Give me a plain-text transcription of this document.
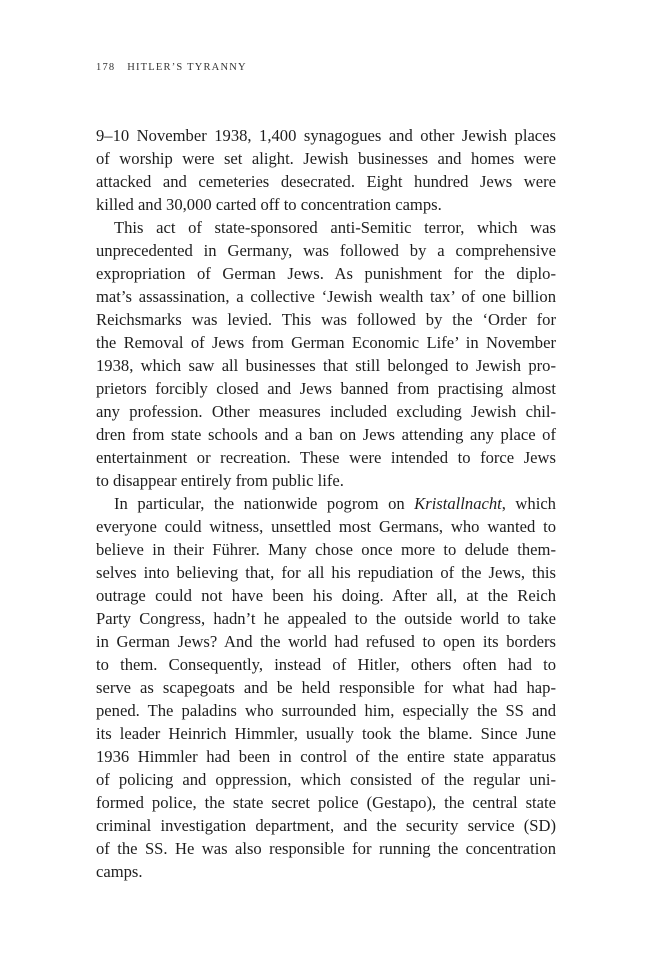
178 HITLER’S TYRANNY
9–10 November 1938, 1,400 synagogues and other Jewish places
of worship were set alight. Jewish businesses and homes were
attacked and cemeteries desecrated. Eight hundred Jews were
killed and 30,000 carted off to concentration camps.
This act of state-sponsored anti-Semitic terror, which was
unprecedented in Germany, was followed by a comprehensive
expropriation of German Jews. As punishment for the diplo-
mat’s assassination, a collective ‘Jewish wealth tax’ of one billion
Reichsmarks was levied. This was followed by the ‘Order for
the Removal of Jews from German Economic Life’ in November
1938, which saw all businesses that still belonged to Jewish pro-
prietors forcibly closed and Jews banned from practising almost
any profession. Other measures included excluding Jewish chil-
dren from state schools and a ban on Jews attending any place of
entertainment or recreation. These were intended to force Jews
to disappear entirely from public life.
In particular, the nationwide pogrom on Kristallnacht, which
everyone could witness, unsettled most Germans, who wanted to
believe in their Führer. Many chose once more to delude them-
selves into believing that, for all his repudiation of the Jews, this
outrage could not have been his doing. After all, at the Reich
Party Congress, hadn’t he appealed to the outside world to take
in German Jews? And the world had refused to open its borders
to them. Consequently, instead of Hitler, others often had to
serve as scapegoats and be held responsible for what had hap-
pened. The paladins who surrounded him, especially the SS and
its leader Heinrich Himmler, usually took the blame. Since June
1936 Himmler had been in control of the entire state apparatus
of policing and oppression, which consisted of the regular uni-
formed police, the state secret police (Gestapo), the central state
criminal investigation department, and the security service (SD)
of the SS. He was also responsible for running the concentration
camps.
